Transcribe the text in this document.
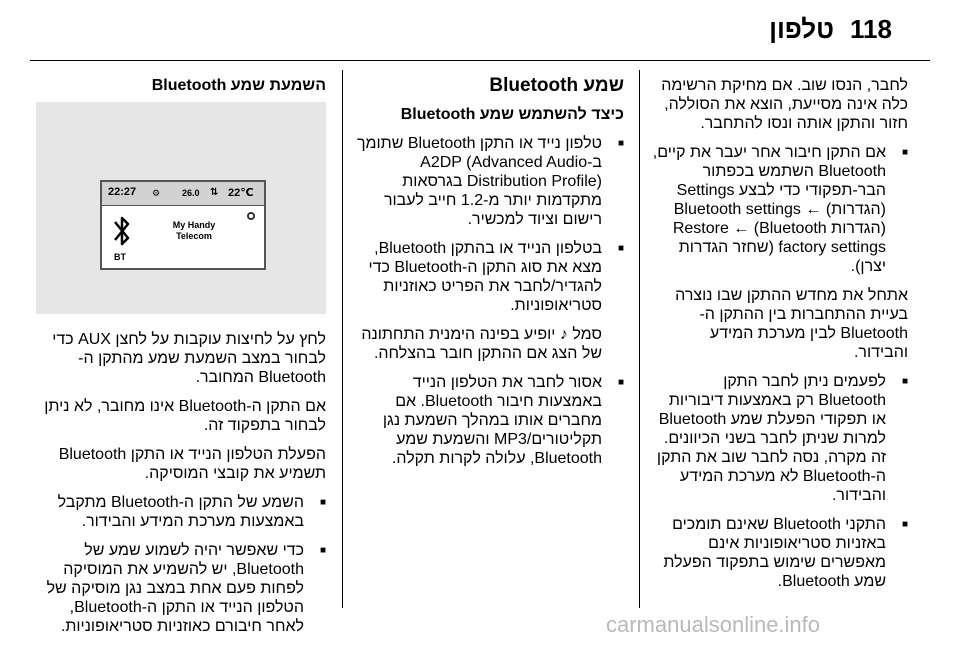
118
טלפון

לחבר, הנסו שוב. אם מחיקת הרשימה כלה אינה מסייעת, הוצא את הסוללה, חזור והתקן אותה ונסו להתחבר.

■ אם התקן חיבור אחר יעבר את קיים, Bluetooth השתמש בכפתור הבר-תפקודי כדי לבצע Settings (הגדרות) ← Bluetooth settings (הגדרות Bluetooth) ← Restore factory settings (שחזר הגדרות יצרן).

אתחל את מחדש ההתקן שבו נוצרה בעיית ההתחברות בין ההתקן ה-Bluetooth לבין מערכת המידע והבידור.

■ לפעמים ניתן לחבר התקן Bluetooth רק באמצעות דיבוריות או תפקודי הפעלת שמע Bluetooth למרות שניתן לחבר בשני הכיוונים. זה מקרה, נסה לחבר שוב את התקן ה-Bluetooth לא מערכת המידע והבידור.
■ התקני Bluetooth שאינם תומכים באזניות סטריאופוניות אינם מאפשרים שימוש בתפקוד הפעלת שמע Bluetooth.
שמע Bluetooth
כיצד להשתמש שמע Bluetooth
■ טלפון נייד או התקן Bluetooth שתומך ב-A2DP (Advanced Audio Distribution Profile) בגרסאות מתקדמות יותר מ-1.2 חייב לעבור רישום וציוד למכשיר.
■ בטלפון הנייד או בהתקן Bluetooth, מצא את סוג התקן ה-Bluetooth כדי להגדיר/לחבר את הפריט כאוזניות סטריאופוניות.

סמל ♪ יופיע בפינה הימנית התחתונה של הצג אם ההתקן חובר בהצלחה.

■ אסור לחבר את הטלפון הנייד באמצעות חיבור Bluetooth. אם מחברים אותו במהלך השמעת נגן תקליטורים/MP3 והשמעת שמע Bluetooth, עלולה לקרות תקלה.
השמעת שמע Bluetooth
22:27 ⚙ 26.0 ⇅ 22℃
BT
My Handy Telecom

לחץ על לחיצות עוקבות על לחצן AUX כדי לבחור במצב השמעת שמע מהתקן ה-Bluetooth המחובר.

אם התקן ה-Bluetooth אינו מחובר, לא ניתן לבחור בתפקוד זה.

הפעלת הטלפון הנייד או התקן Bluetooth תשמיע את קובצי המוסיקה.

■ השמע של התקן ה-Bluetooth מתקבל באמצעות מערכת המידע והבידור.
■ כדי שאפשר יהיה לשמוע שמע של Bluetooth, יש להשמיע את המוסיקה לפחות פעם אחת במצב נגן מוסיקה של הטלפון הנייד או התקן ה-Bluetooth, לאחר חיבורם כאוזניות סטריאופוניות.	carmanualsonline.info
